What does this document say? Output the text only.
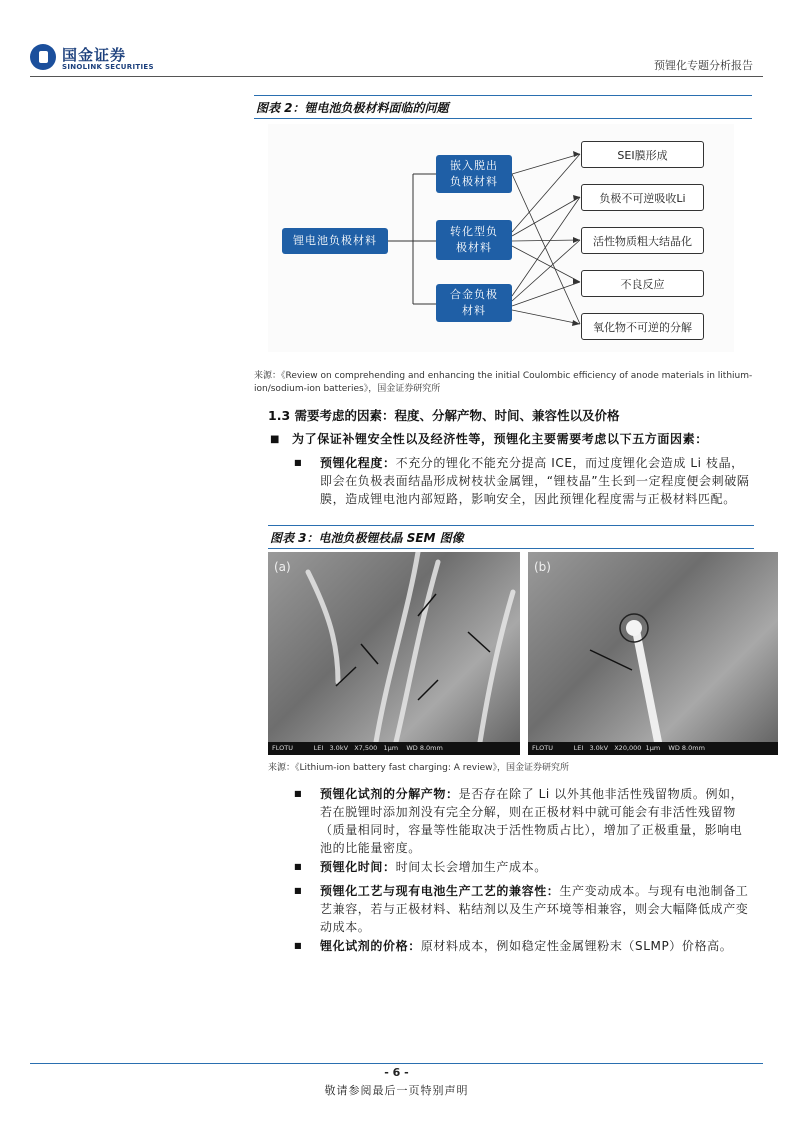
国金证券
SINOLINK SECURITIES	预锂化专题分析报告
图表 2：锂电池负极材料面临的问题
锂电池负极材料
嵌入脱出
负极材料
转化型负
极材料
合金负极
材料
SEI膜形成
负极不可逆吸收Li
活性物质粗大结晶化
不良反应
氧化物不可逆的分解
来源：《Review on comprehending and enhancing the initial Coulombic efficiency of anode materials in lithium-ion/sodium-ion batteries》，国金证券研究所
1.3 需要考虑的因素：程度、分解产物、时间、兼容性以及价格
■ 为了保证补锂安全性以及经济性等，预锂化主要需要考虑以下五方面因素：
■ 预锂化程度：不充分的锂化不能充分提高 ICE，而过度锂化会造成 Li 枝晶，即会在负极表面结晶形成树枝状金属锂，“锂枝晶”生长到一定程度便会刺破隔膜，造成锂电池内部短路，影响安全，因此预锂化程度需与正极材料匹配。
图表 3：电池负极锂枝晶 SEM 图像
(a)
FLOTU          LEI   3.0kV   X7,500   1μm    WD 8.0mm
(b)
FLOTU          LEI   3.0kV   X20,000  1μm    WD 8.0mm
来源：《Lithium-ion battery fast charging: A review》，国金证券研究所
■ 预锂化试剂的分解产物：是否存在除了 Li 以外其他非活性残留物质。例如，若在脱锂时添加剂没有完全分解，则在正极材料中就可能会有非活性残留物（质量相同时，容量等性能取决于活性物质占比），增加了正极重量，影响电池的比能量密度。
■ 预锂化时间：时间太长会增加生产成本。
■ 预锂化工艺与现有电池生产工艺的兼容性：生产变动成本。与现有电池制备工艺兼容，若与正极材料、粘结剂以及生产环境等相兼容，则会大幅降低成产变动成本。
■ 锂化试剂的价格：原材料成本，例如稳定性金属锂粉末（SLMP）价格高。
- 6 -
敬请参阅最后一页特别声明
